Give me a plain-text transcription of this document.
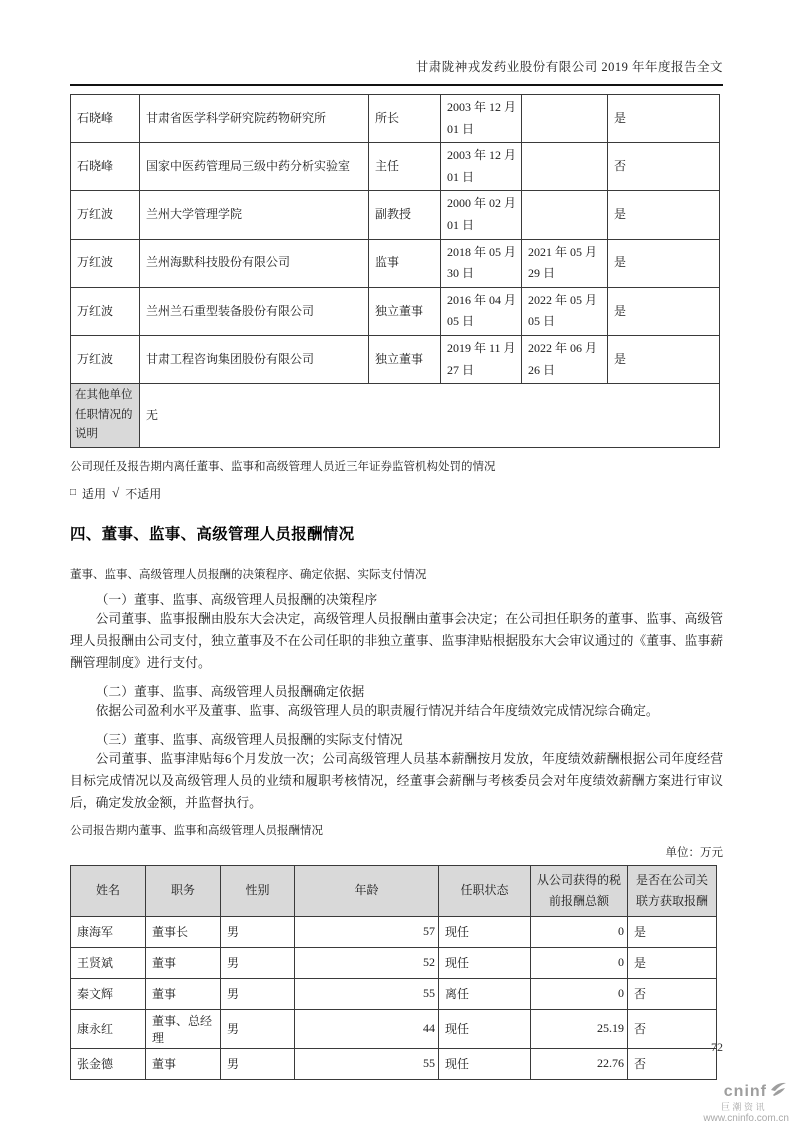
甘肃陇神戎发药业股份有限公司 2019 年年度报告全文
石晓峰	甘肃省医学科学研究院药物研究所	所长	2003 年 12 月 01 日		是
石晓峰	国家中医药管理局三级中药分析实验室	主任	2003 年 12 月 01 日		否
万红波	兰州大学管理学院	副教授	2000 年 02 月 01 日		是
万红波	兰州海默科技股份有限公司	监事	2018 年 05 月 30 日	2021 年 05 月 29 日	是
万红波	兰州兰石重型装备股份有限公司	独立董事	2016 年 04 月 05 日	2022 年 05 月 05 日	是
万红波	甘肃工程咨询集团股份有限公司	独立董事	2019 年 11 月 27 日	2022 年 06 月 26 日	是
在其他单位任职情况的说明	无				

公司现任及报告期内离任董事、监事和高级管理人员近三年证券监管机构处罚的情况

□ 适用 √ 不适用
四、董事、监事、高级管理人员报酬情况

董事、监事、高级管理人员报酬的决策程序、确定依据、实际支付情况

（一）董事、监事、高级管理人员报酬的决策程序

公司董事、监事报酬由股东大会决定，高级管理人员报酬由董事会决定；在公司担任职务的董事、监事、高级管理人员报酬由公司支付，独立董事及不在公司任职的非独立董事、监事津贴根据股东大会审议通过的《董事、监事薪酬管理制度》进行支付。

（二）董事、监事、高级管理人员报酬确定依据

依据公司盈利水平及董事、监事、高级管理人员的职责履行情况并结合年度绩效完成情况综合确定。

（三）董事、监事、高级管理人员报酬的实际支付情况

公司董事、监事津贴每6个月发放一次；公司高级管理人员基本薪酬按月发放，年度绩效薪酬根据公司年度经营目标完成情况以及高级管理人员的业绩和履职考核情况，经董事会薪酬与考核委员会对年度绩效薪酬方案进行审议后，确定发放金额，并监督执行。

公司报告期内董事、监事和高级管理人员报酬情况

单位：万元

姓名	职务	性别	年龄	任职状态	从公司获得的税前报酬总额	是否在公司关联方获取报酬
康海军	董事长	男	57	现任	0	是
王贤斌	董事	男	52	现任	0	是
秦文辉	董事	男	55	离任	0	否
康永红	董事、总经理	男	44	现任	25.19	否
张金德	董事	男	55	现任	22.76	否
72
cninf
巨潮资讯
www.cninfo.com.cn
